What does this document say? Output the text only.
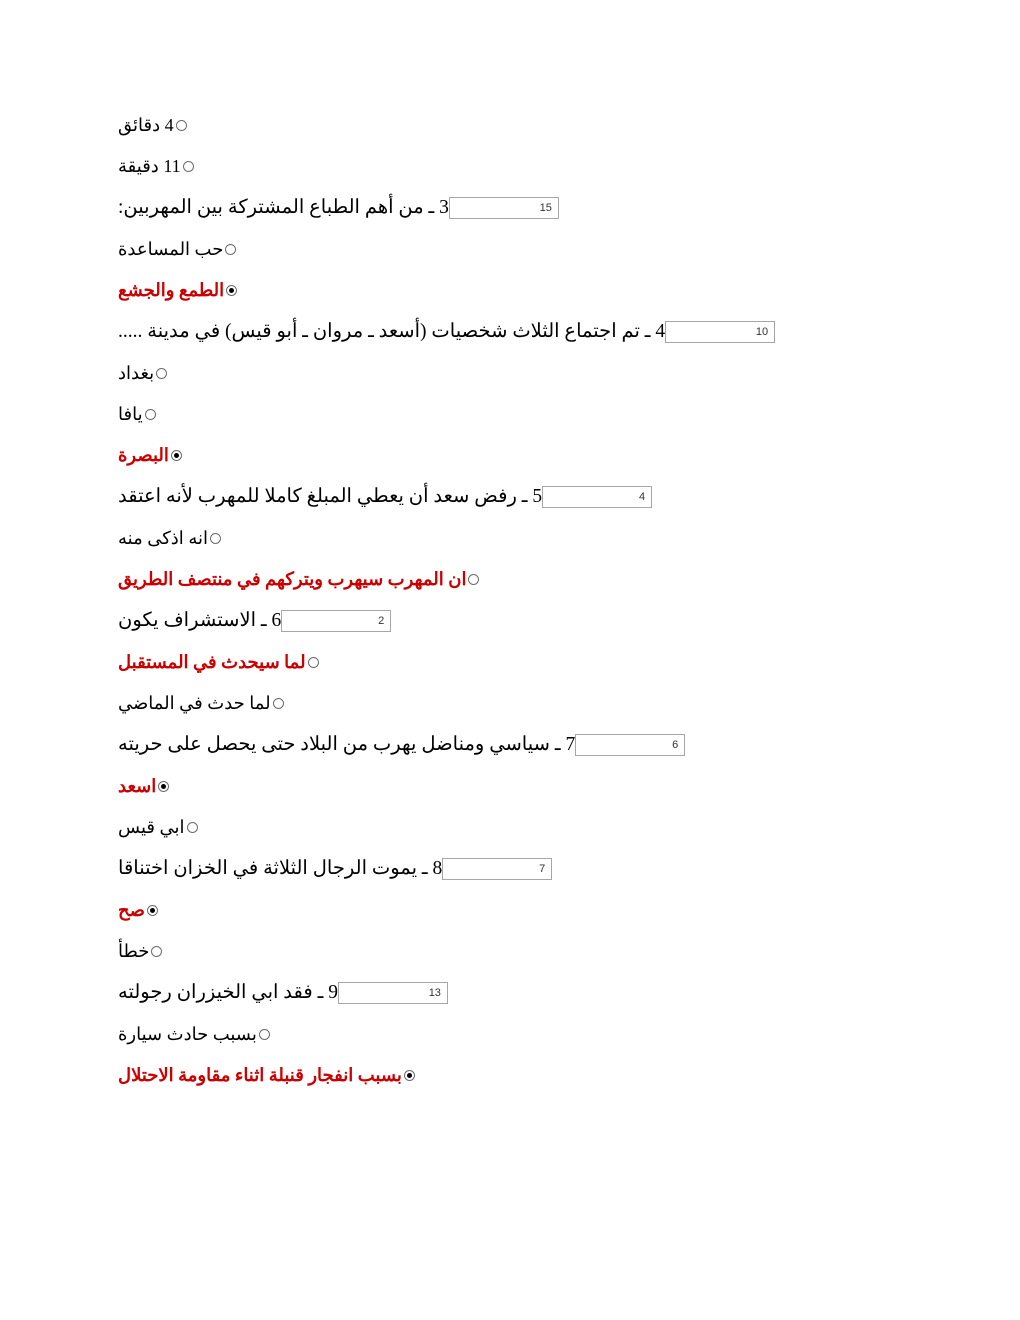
4 دقائق
11 دقيقة
15
3 ـ من أهم الطباع المشتركة بين المهربين:
حب المساعدة
الطمع والجشع
10
4 ـ تم اجتماع الثلاث شخصيات (أسعد ـ مروان ـ أبو قيس) في مدينة .....
بغداد
يافا
البصرة
4
5 ـ رفض سعد أن يعطي المبلغ كاملا للمهرب لأنه اعتقد
انه اذكى منه
ان المهرب سيهرب ويتركهم في منتصف الطريق
2
6 ـ الاستشراف يكون
لما سيحدث في المستقبل
لما حدث في الماضي
6
7 ـ سياسي ومناضل يهرب من البلاد حتى يحصل على حريته
اسعد
ابي قيس
7
8 ـ يموت الرجال الثلاثة في الخزان اختناقا
صح
خطأ
13
9 ـ فقد ابي الخيزران رجولته
بسبب حادث سيارة
بسبب انفجار قنبلة اثناء مقاومة الاحتلال
